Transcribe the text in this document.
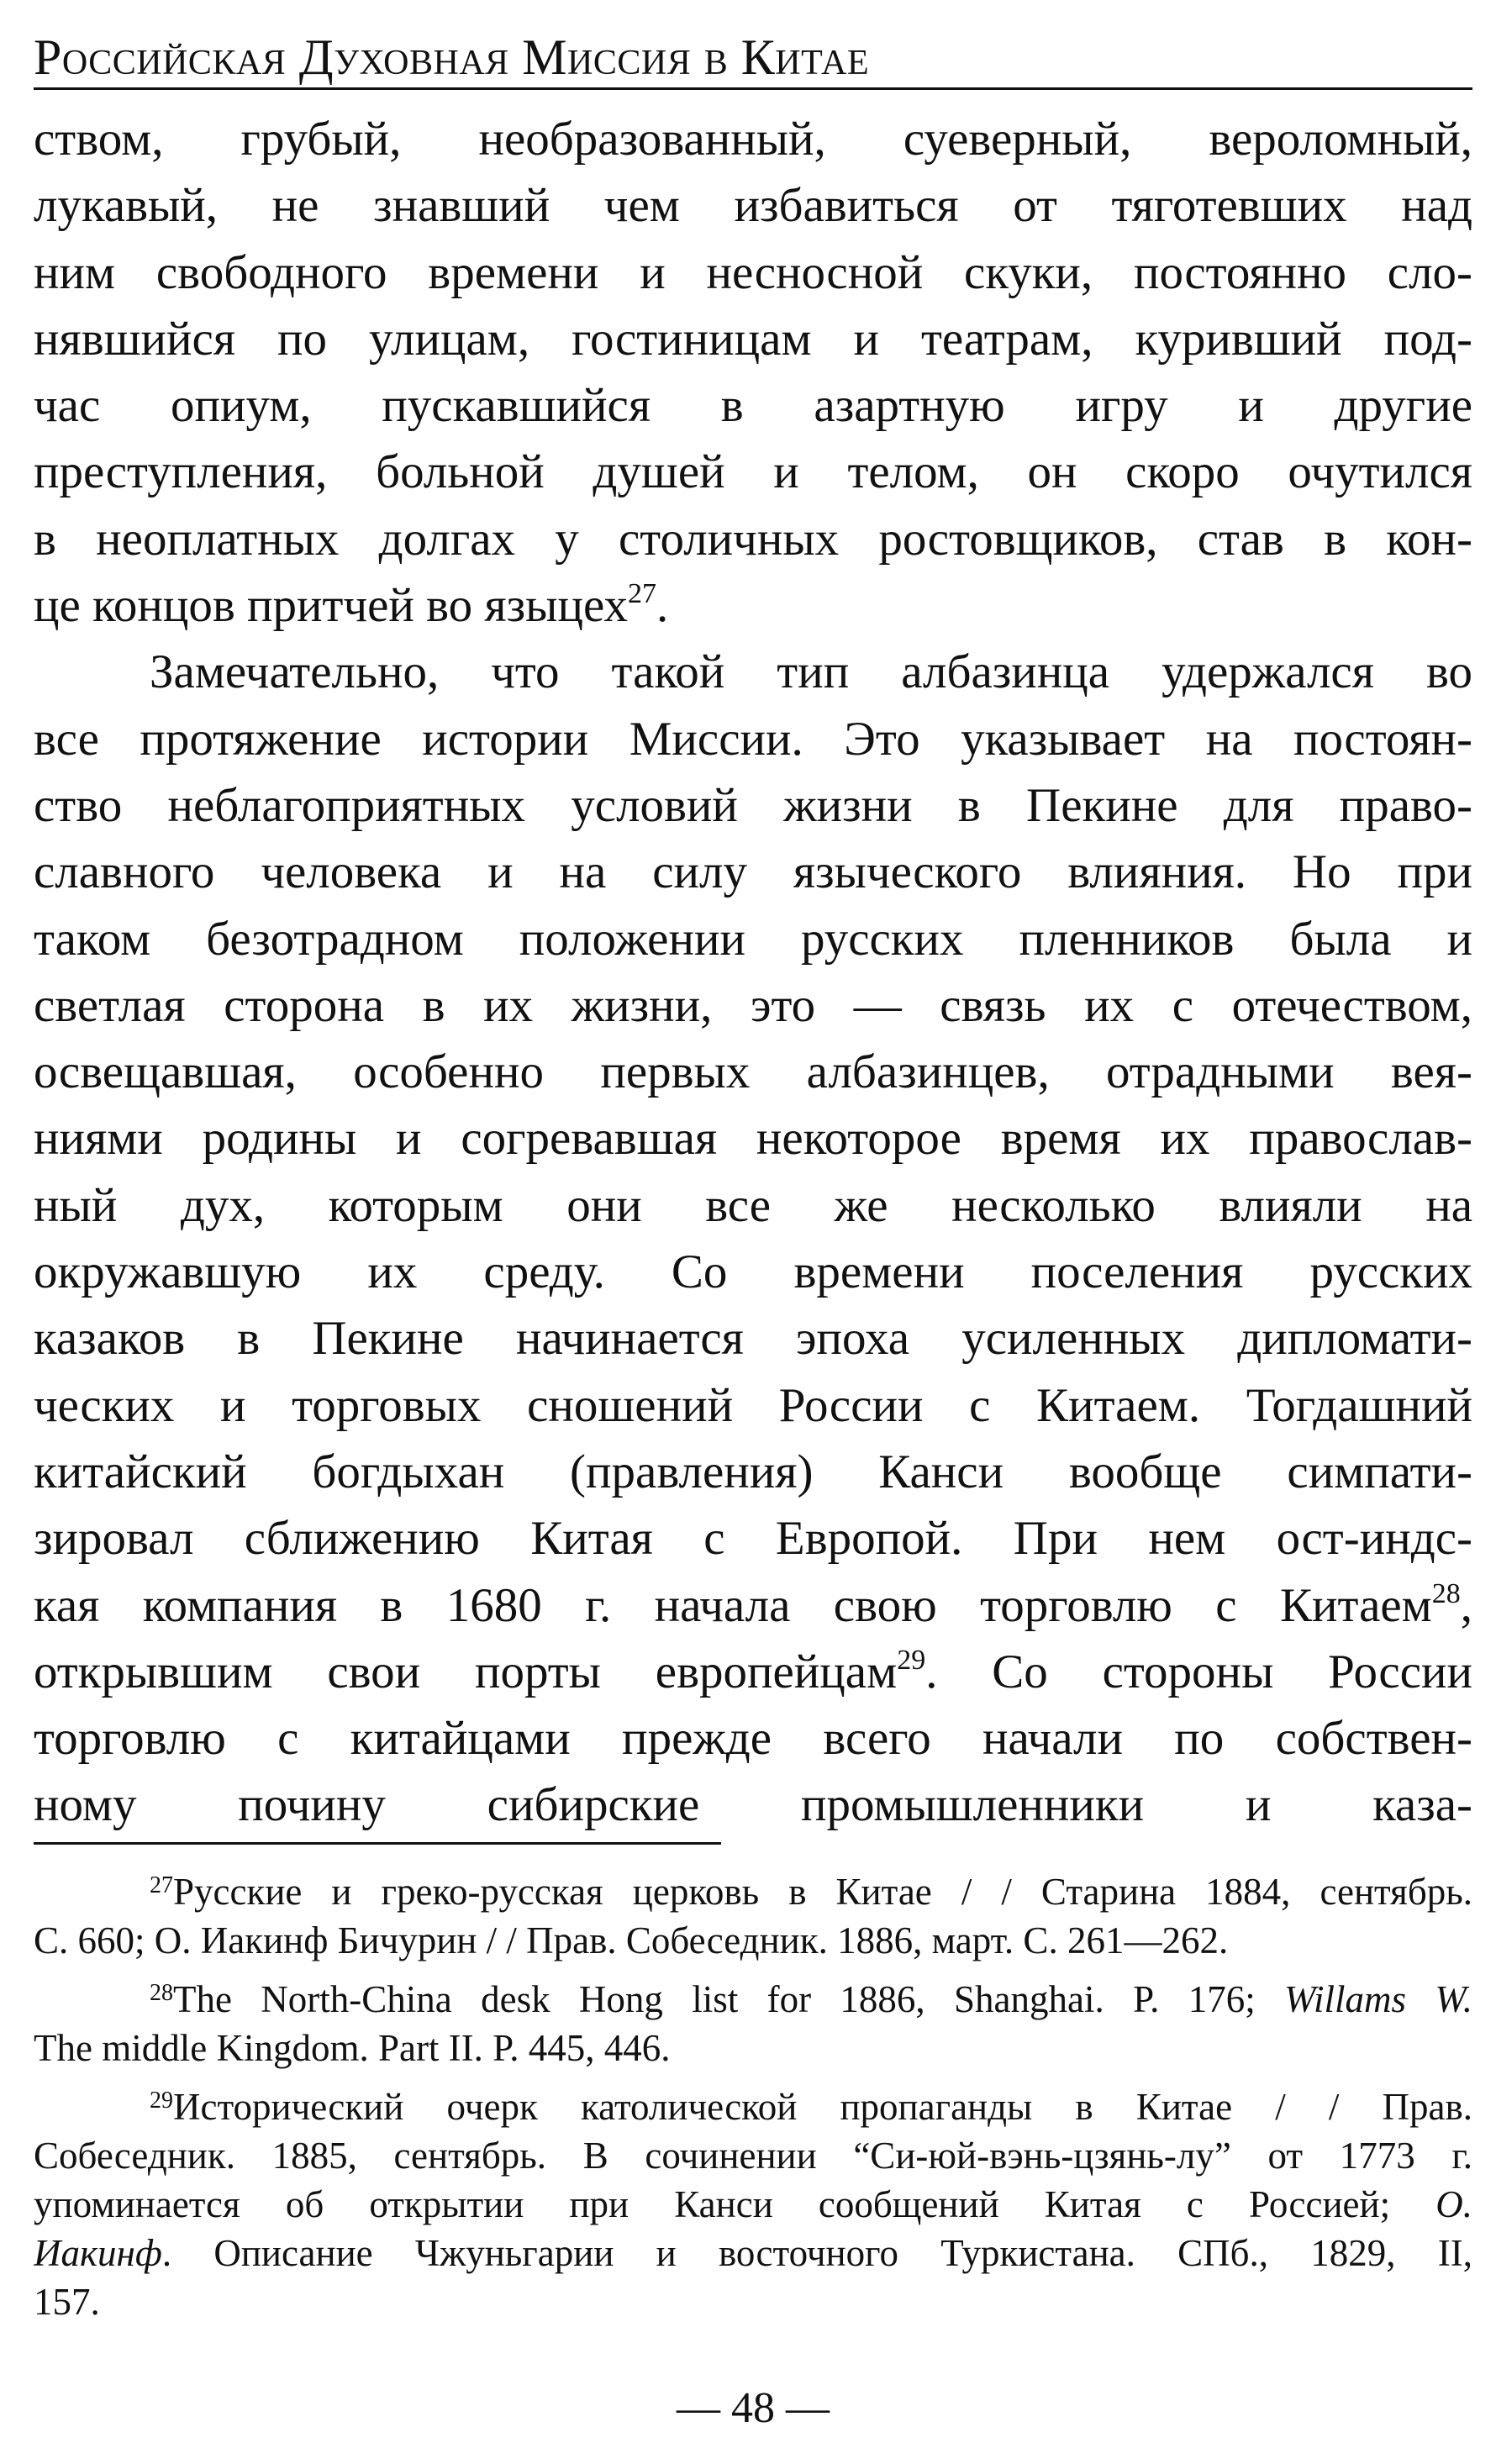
Российская Духовная Миссия в Китае
ством, грубый, необразованный, суеверный, вероломный,
лукавый, не знавший чем избавиться от тяготевших над
ним свободного времени и несносной скуки, постоянно сло-
нявшийся по улицам, гостиницам и театрам, куривший под-
час опиум, пускавшийся в азартную игру и другие
преступления, больной душей и телом, он скоро очутился
в неоплатных долгах у столичных ростовщиков, став в кон-
це концов притчей во языцех$^{27}$.
Замечательно, что такой тип албазинца удержался во
все протяжение истории Миссии. Это указывает на постоян-
ство неблагоприятных условий жизни в Пекине для право-
славного человека и на силу языческого влияния. Но при
таком безотрадном положении русских пленников была и
светлая сторона в их жизни, это — связь их с отечеством,
освещавшая, особенно первых албазинцев, отрадными вея-
ниями родины и согревавшая некоторое время их православ-
ный дух, которым они все же несколько влияли на
окружавшую их среду. Со времени поселения русских
казаков в Пекине начинается эпоха усиленных дипломати-
ческих и торговых сношений России с Китаем. Тогдашний
китайский богдыхан (правления) Канси вообще симпати-
зировал сближению Китая с Европой. При нем ост-индс-
кая компания в 1680 г. начала свою торговлю с Китаем$^{28}$,
открывшим свои порты европейцам$^{29}$. Со стороны России
торговлю с китайцами прежде всего начали по собствен-
ному почину сибирские промышленники и каза-
$^{27}$Русские и греко-русская церковь в Китае / / Старина 1884, сентябрь.
С. 660; О. Иакинф Бичурин / / Прав. Собеседник. 1886, март. С. 261—262.
$^{28}$The North-China desk Hong list for 1886, Shanghai. P. 176; Willams W.
The middle Kingdom. Part II. P. 445, 446.
$^{29}$Исторический очерк католической пропаганды в Китае / / Прав.
Собеседник. 1885, сентябрь. В сочинении “Си-юй-вэнь-цзянь-лу” от 1773 г.
упоминается об открытии при Канси сообщений Китая с Россией; О.
Иакинф. Описание Чжуньгарии и восточного Туркистана. СПб., 1829, II,
157.
— 48 —
